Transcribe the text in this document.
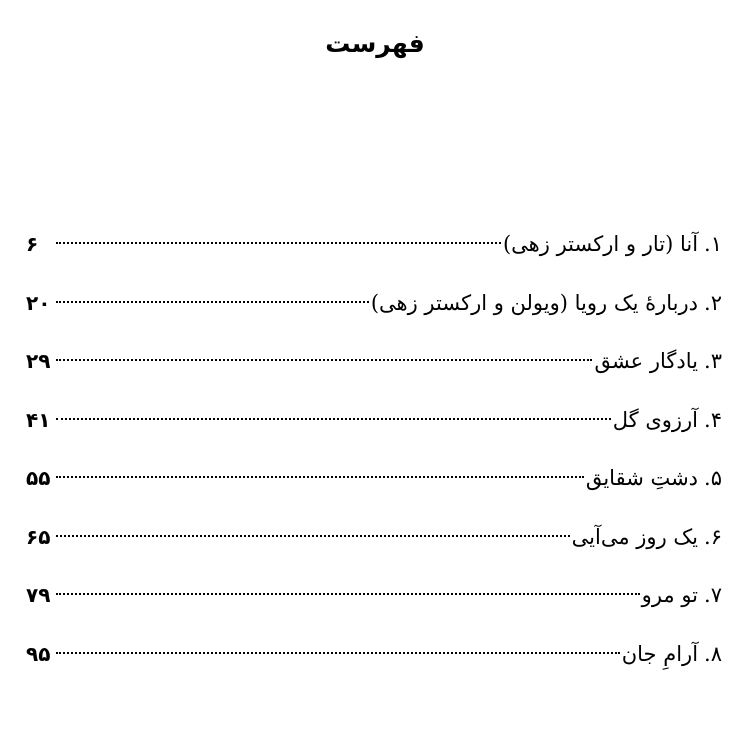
فهرست
۱.
آنا (تار و ارکستر زهی)
۶
۲.
دربارهٔ یک رویا (ویولن و ارکستر زهی)
۲۰
۳.
یادگار عشق
۲۹
۴.
آرزوی گل
۴۱
۵.
دشتِ شقایق
۵۵
۶.
یک روز می‌آیی
۶۵
۷.
تو مرو
۷۹
۸.
آرامِ جان
۹۵
